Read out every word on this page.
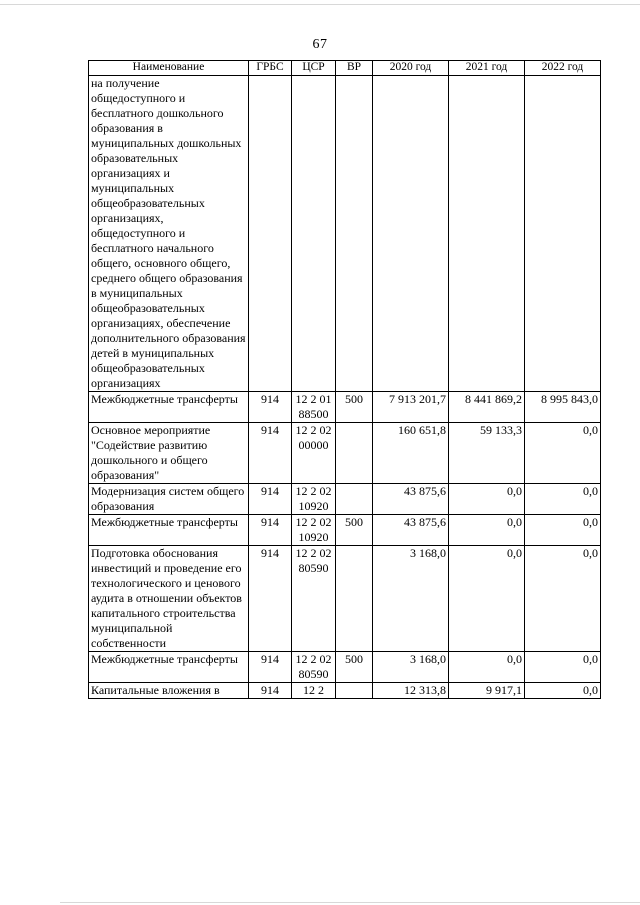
67
Наименование	ГРБС	ЦСР	ВР	2020 год	2021 год	2022 год
на получение общедоступного и бесплатного дошкольного образования в муниципальных дошкольных образовательных организациях и муниципальных общеобразовательных организациях, общедоступного и бесплатного начального общего, основного общего, среднего общего образования в муниципальных общеобразовательных организациях, обеспечение дополнительного образования детей в муниципальных общеобразовательных организациях						
Межбюджетные трансферты	914	12 2 01 88500	500	7 913 201,7	8 441 869,2	8 995 843,0
Основное мероприятие "Содействие развитию дошкольного и общего образования"	914	12 2 02 00000		160 651,8	59 133,3	0,0
Модернизация систем общего образования	914	12 2 02 10920		43 875,6	0,0	0,0
Межбюджетные трансферты	914	12 2 02 10920	500	43 875,6	0,0	0,0
Подготовка обоснования инвестиций и проведение его технологического и ценового аудита в отношении объектов капитального строительства муниципальной собственности	914	12 2 02 80590		3 168,0	0,0	0,0
Межбюджетные трансферты	914	12 2 02 80590	500	3 168,0	0,0	0,0
Капитальные вложения в	914	12 2		12 313,8	9 917,1	0,0
